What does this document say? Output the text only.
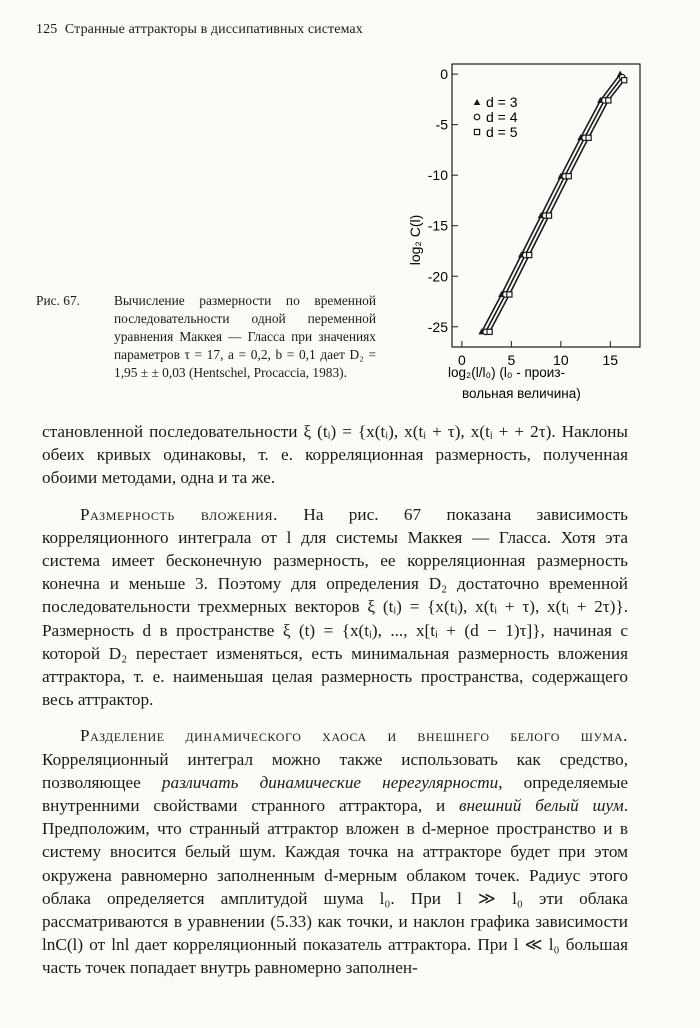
125 Странные аттракторы в диссипативных системах
0	5	10 15
0
-5
-10
-15
-20
-25
d = 3
d = 4
d = 5
log₂ C(l)
log₂(l/l₀) (l₀ - произ-
вольная величина)
Рис. 67.	Вычисление размерности по временной последовательности одной переменной уравнения Маккея — Гласса при значениях параметров τ = 17, a = 0,2, b = 0,1 дает D₂ = 1,95 ± ± 0,03 (Hentschel, Procaccia, 1983).

становленной последовательности ξ (tᵢ) = {x(tᵢ), x(tᵢ + τ), x(tᵢ + + 2τ). Наклоны обеих кривых одинаковы, т. е. корреляционная размерность, полученная обоими методами, одна и та же.

Размерность вложения. На рис. 67 показана зависимость корреляционного интеграла от l для системы Маккея — Гласса. Хотя эта система имеет бесконечную размерность, ее корреляционная размерность конечна и меньше 3. Поэтому для определения D₂ достаточно временной последовательности трехмерных векторов ξ (tᵢ) = {x(tᵢ), x(tᵢ + τ), x(tᵢ + 2τ)}. Размерность d в пространстве ξ (t) = {x(tᵢ), ..., x[tᵢ + (d − 1)τ]}, начиная с которой D₂ перестает изменяться, есть минимальная размерность вложения аттрактора, т. е. наименьшая целая размерность пространства, содержащего весь аттрактор.

Разделение динамического хаоса и внешнего белого шума. Корреляционный интеграл можно также использовать как средство, позволяющее различать динамические нерегулярности, определяемые внутренними свойствами странного аттрактора, и внешний белый шум. Предположим, что странный аттрактор вложен в d-мерное пространство и в систему вносится белый шум. Каждая точка на аттракторе будет при этом окружена равномерно заполненным d-мерным облаком точек. Радиус этого облака определяется амплитудой шума l₀. При l ≫ l₀ эти облака рассматриваются в уравнении (5.33) как точки, и наклон графика зависимости lnC(l) от lnl дает корреляционный показатель аттрактора. При l ≪ l₀ большая часть точек попадает внутрь равномерно заполнен-
